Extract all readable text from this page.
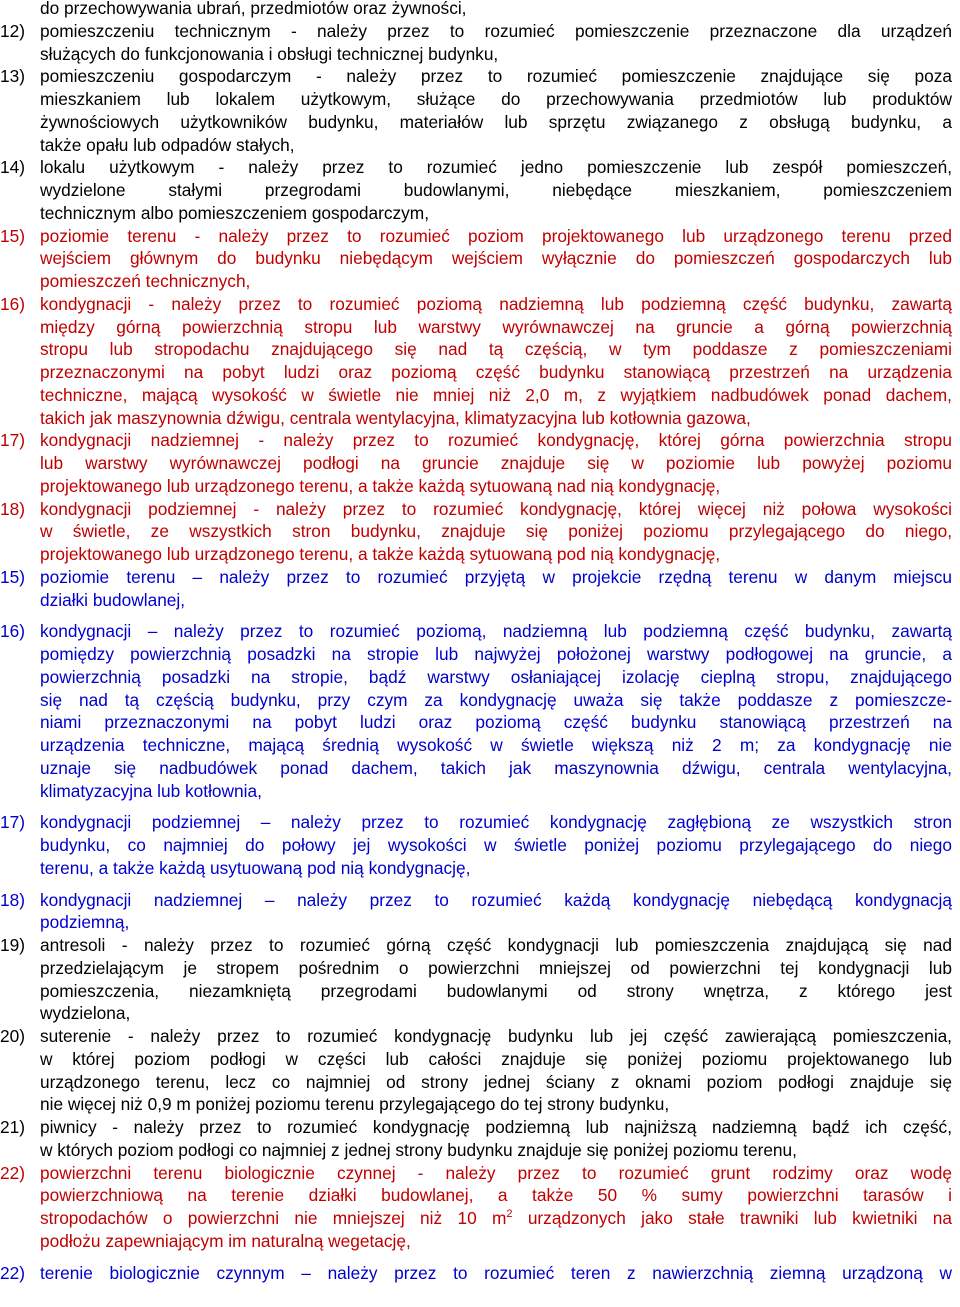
do przechowywania ubrań, przedmiotów oraz żywności,
12) pomieszczeniu technicznym - należy przez to rozumieć pomieszczenie przeznaczone dla urządzeń
służących do funkcjonowania i obsługi technicznej budynku,
13) pomieszczeniu gospodarczym - należy przez to rozumieć pomieszczenie znajdujące się poza
mieszkaniem lub lokalem użytkowym, służące do przechowywania przedmiotów lub produktów
żywnościowych użytkowników budynku, materiałów lub sprzętu związanego z obsługą budynku, a
także opału lub odpadów stałych,
14) lokalu użytkowym - należy przez to rozumieć jedno pomieszczenie lub zespół pomieszczeń,
wydzielone stałymi przegrodami budowlanymi, niebędące mieszkaniem, pomieszczeniem
technicznym albo pomieszczeniem gospodarczym,
15) poziomie terenu - należy przez to rozumieć poziom projektowanego lub urządzonego terenu przed
wejściem głównym do budynku niebędącym wejściem wyłącznie do pomieszczeń gospodarczych lub
pomieszczeń technicznych,
16) kondygnacji - należy przez to rozumieć poziomą nadziemną lub podziemną część budynku, zawartą
między górną powierzchnią stropu lub warstwy wyrównawczej na gruncie a górną powierzchnią
stropu lub stropodachu znajdującego się nad tą częścią, w tym poddasze z pomieszczeniami
przeznaczonymi na pobyt ludzi oraz poziomą część budynku stanowiącą przestrzeń na urządzenia
techniczne, mającą wysokość w świetle nie mniej niż 2,0 m, z wyjątkiem nadbudówek ponad dachem,
takich jak maszynownia dźwigu, centrala wentylacyjna, klimatyzacyjna lub kotłownia gazowa,
17) kondygnacji nadziemnej - należy przez to rozumieć kondygnację, której górna powierzchnia stropu
lub warstwy wyrównawczej podłogi na gruncie znajduje się w poziomie lub powyżej poziomu
projektowanego lub urządzonego terenu, a także każdą sytuowaną nad nią kondygnację,
18) kondygnacji podziemnej - należy przez to rozumieć kondygnację, której więcej niż połowa wysokości
w świetle, ze wszystkich stron budynku, znajduje się poniżej poziomu przylegającego do niego,
projektowanego lub urządzonego terenu, a także każdą sytuowaną pod nią kondygnację,
15) poziomie terenu – należy przez to rozumieć przyjętą w projekcie rzędną terenu w danym miejscu
działki budowlanej,
16) kondygnacji – należy przez to rozumieć poziomą, nadziemną lub podziemną część budynku, zawartą
pomiędzy powierzchnią posadzki na stropie lub najwyżej położonej warstwy podłogowej na gruncie, a
powierzchnią posadzki na stropie, bądź warstwy osłaniającej izolację cieplną stropu, znajdującego
się nad tą częścią budynku, przy czym za kondygnację uważa się także poddasze z pomieszcze-
niami przeznaczonymi na pobyt ludzi oraz poziomą część budynku stanowiącą przestrzeń na
urządzenia techniczne, mającą średnią wysokość w świetle większą niż 2 m; za kondygnację nie
uznaje się nadbudówek ponad dachem, takich jak maszynownia dźwigu, centrala wentylacyjna,
klimatyzacyjna lub kotłownia,
17) kondygnacji podziemnej – należy przez to rozumieć kondygnację zagłębioną ze wszystkich stron
budynku, co najmniej do połowy jej wysokości w świetle poniżej poziomu przylegającego do niego
terenu, a także każdą usytuowaną pod nią kondygnację,
18) kondygnacji nadziemnej – należy przez to rozumieć każdą kondygnację niebędącą kondygnacją
podziemną,
19) antresoli - należy przez to rozumieć górną część kondygnacji lub pomieszczenia znajdującą się nad
przedzielającym je stropem pośrednim o powierzchni mniejszej od powierzchni tej kondygnacji lub
pomieszczenia, niezamkniętą przegrodami budowlanymi od strony wnętrza, z którego jest
wydzielona,
20) suterenie - należy przez to rozumieć kondygnację budynku lub jej część zawierającą pomieszczenia,
w której poziom podłogi w części lub całości znajduje się poniżej poziomu projektowanego lub
urządzonego terenu, lecz co najmniej od strony jednej ściany z oknami poziom podłogi znajduje się
nie więcej niż 0,9 m poniżej poziomu terenu przylegającego do tej strony budynku,
21) piwnicy - należy przez to rozumieć kondygnację podziemną lub najniższą nadziemną bądź ich część,
w których poziom podłogi co najmniej z jednej strony budynku znajduje się poniżej poziomu terenu,
22) powierzchni terenu biologicznie czynnej - należy przez to rozumieć grunt rodzimy oraz wodę
powierzchniową na terenie działki budowlanej, a także 50 % sumy powierzchni tarasów i
stropodachów o powierzchni nie mniejszej niż 10 $m^2$ urządzonych jako stałe trawniki lub kwietniki na
podłożu zapewniającym im naturalną wegetację,
22) terenie biologicznie czynnym – należy przez to rozumieć teren z nawierzchnią ziemną urządzoną w
